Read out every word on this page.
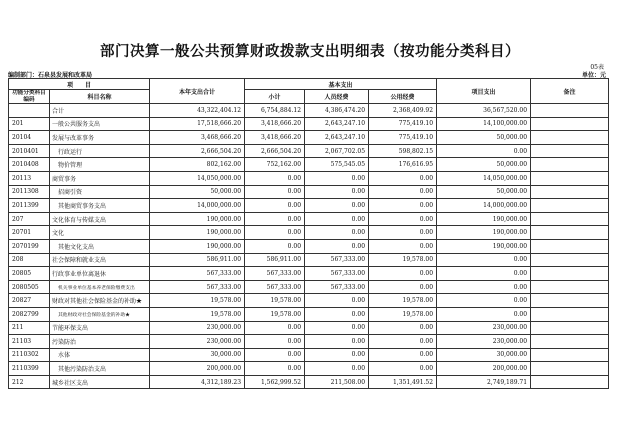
部门决算一般公共预算财政拨款支出明细表（按功能分类科目）
05表
编制部门：石泉县发展和改革局	单位：元
项　　目		本年支出合计	基本支出			项目支出	备注
功能分类科目编码	科目名称		小计	人员经费	公用经费		
	合计	43,322,404.12	6,754,884.12	4,386,474.20	2,368,409.92	36,567,520.00	
201	一般公共服务支出	17,518,666.20	3,418,666.20	2,643,247.10	775,419.10	14,100,000.00	
20104	发展与改革事务	3,468,666.20	3,418,666.20	2,643,247.10	775,419.10	50,000.00	
2010401	行政运行	2,666,504.20	2,666,504.20	2,067,702.05	598,802.15	0.00	
2010408	物价管理	802,162.00	752,162.00	575,545.05	176,616.95	50,000.00	
20113	商贸事务	14,050,000.00	0.00	0.00	0.00	14,050,000.00	
2011308	招商引资	50,000.00	0.00	0.00	0.00	50,000.00	
2011399	其他商贸事务支出	14,000,000.00	0.00	0.00	0.00	14,000,000.00	
207	文化体育与传媒支出	190,000.00	0.00	0.00	0.00	190,000.00	
20701	文化	190,000.00	0.00	0.00	0.00	190,000.00	
2070199	其他文化支出	190,000.00	0.00	0.00	0.00	190,000.00	
208	社会保障和就业支出	586,911.00	586,911.00	567,333.00	19,578.00	0.00	
20805	行政事业单位离退休	567,333.00	567,333.00	567,333.00	0.00	0.00	
2080505	机关事业单位基本养老保险缴费支出	567,333.00	567,333.00	567,333.00	0.00	0.00	
20827	财政对其他社会保险基金的补助★	19,578.00	19,578.00	0.00	19,578.00	0.00	
2082799	其他财政对社会保险基金的补助★	19,578.00	19,578.00	0.00	19,578.00	0.00	
211	节能环保支出	230,000.00	0.00	0.00	0.00	230,000.00	
21103	污染防治	230,000.00	0.00	0.00	0.00	230,000.00	
2110302	水体	30,000.00	0.00	0.00	0.00	30,000.00	
2110399	其他污染防治支出	200,000.00	0.00	0.00	0.00	200,000.00	
212	城乡社区支出	4,312,189.23	1,562,999.52	211,508.00	1,351,491.52	2,749,189.71	
